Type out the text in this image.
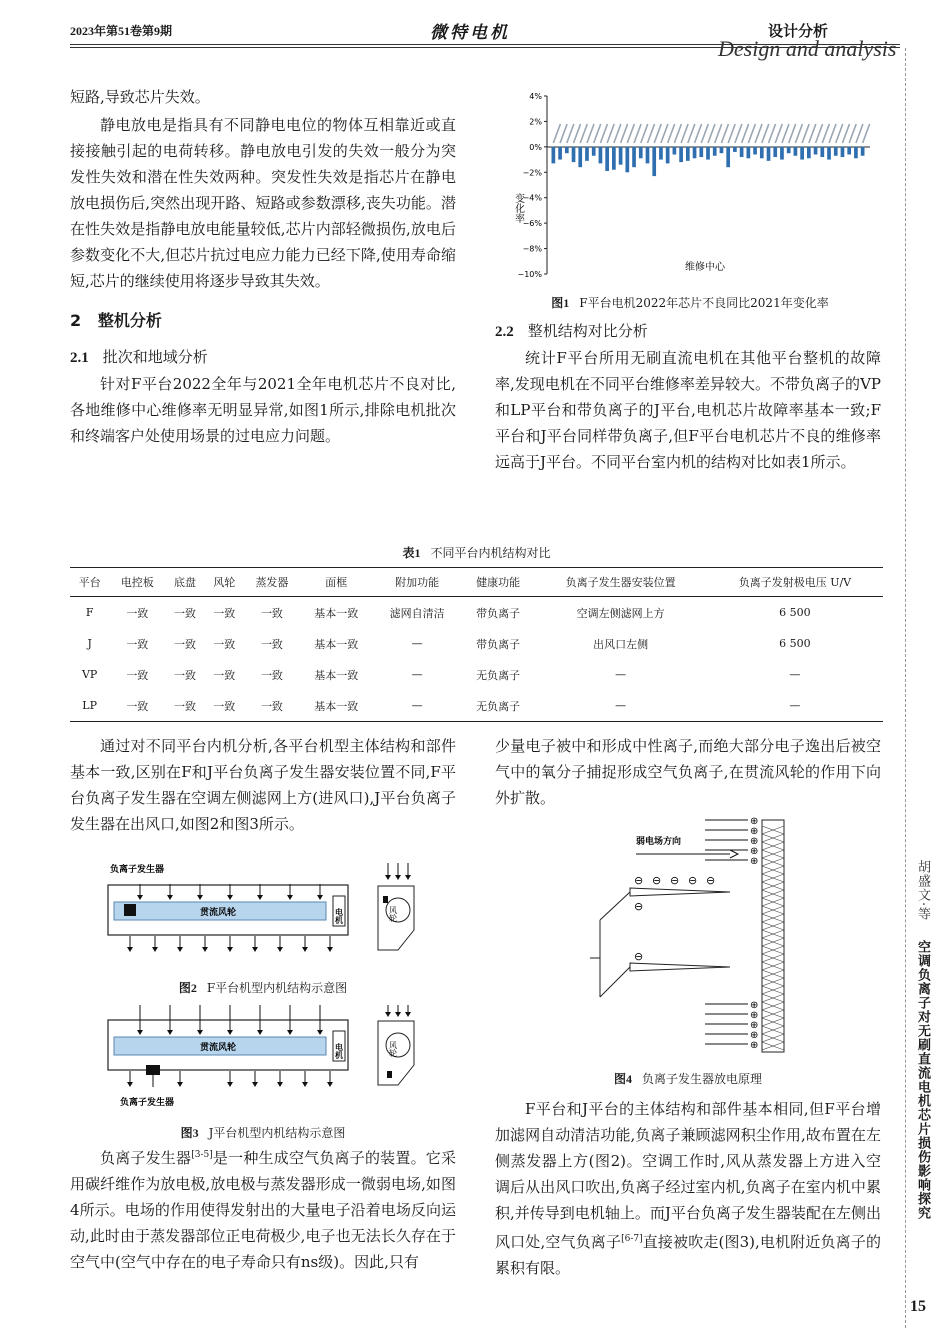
2023年第51卷第9期	微特电机
Design and analysis
设计分析

短路,导致芯片失效。

静电放电是指具有不同静电电位的物体互相靠近或直接接触引起的电荷转移。静电放电引发的失效一般分为突发性失效和潜在性失效两种。突发性失效是指芯片在静电放电损伤后,突然出现开路、短路或参数漂移,丧失功能。潜在性失效是指静电放电能量较低,芯片内部轻微损伤,放电后参数变化不大,但芯片抗过电应力能力已经下降,使用寿命缩短,芯片的继续使用将逐步导致其失效。

2 整机分析
2.1 批次和地域分析

针对F平台2022全年与2021全年电机芯片不良对比,各地维修中心维修率无明显异常,如图1所示,排除电机批次和终端客户处使用场景的过电应力问题。

4%
2%
0%
−2%
−4%
−6%
−8%
−10%
变化率
维修中心
图1 F平台电机2022年芯片不良同比2021年变化率
2.2 整机结构对比分析

统计F平台所用无刷直流电机在其他平台整机的故障率,发现电机在不同平台维修率差异较大。不带负离子的VP和LP平台和带负离子的J平台,电机芯片故障率基本一致;F平台和J平台同样带负离子,但F平台电机芯片不良的维修率远高于J平台。不同平台室内机的结构对比如表1所示。

表1 不同平台内机结构对比
平台	电控板	底盘	风轮	蒸发器	面框	附加功能	健康功能	负离子发生器安装位置	负离子发射极电压 U/V
F	一致	一致	一致	一致	基本一致	滤网自清洁	带负离子	空调左侧滤网上方	6 500
J	一致	一致	一致	一致	基本一致	—	带负离子	出风口左侧	6 500
VP	一致	一致	一致	一致	基本一致	—	无负离子	—	—
LP	一致	一致	一致	一致	基本一致	—	无负离子	—	—

通过对不同平台内机分析,各平台机型主体结构和部件基本一致,区别在F和J平台负离子发生器安装位置不同,F平台负离子发生器在空调左侧滤网上方(进风口),J平台负离子发生器在出风口,如图2和图3所示。

负离子发生器
贯流风轮	电机	风轮
图2 F平台机型内机结构示意图
贯流风轮	电机
负离子发生器
风轮
图3 J平台机型内机结构示意图

负离子发生器[3-5]是一种生成空气负离子的装置。它采用碳纤维作为放电极,放电极与蒸发器形成一微弱电场,如图4所示。电场的作用使得发射出的大量电子沿着电场反向运动,此时由于蒸发器部位正电荷极少,电子也无法长久存在于空气中(空气中存在的电子寿命只有ns级)。因此,只有

少量电子被中和形成中性离子,而绝大部分电子逸出后被空气中的氧分子捕捉形成空气负离子,在贯流风轮的作用下向外扩散。

弱电场方向
⊕
⊕
⊕
⊕
⊕
⊕
⊕
⊕
⊕
⊕
⊖ ⊖ ⊖ ⊖ ⊖
⊖
⊖
图4 负离子发生器放电原理

F平台和J平台的主体结构和部件基本相同,但F平台增加滤网自动清洁功能,负离子兼顾滤网积尘作用,故布置在左侧蒸发器上方(图2)。空调工作时,风从蒸发器上方进入空调后从出风口吹出,负离子经过室内机,负离子在室内机中累积,并传导到电机轴上。而J平台负离子发生器装配在左侧出风口处,空气负离子[6-7]直接被吹走(图3),电机附近负离子的累积有限。

胡盛文·等 空调负离子对无刷直流电机芯片损伤影响探究
15
